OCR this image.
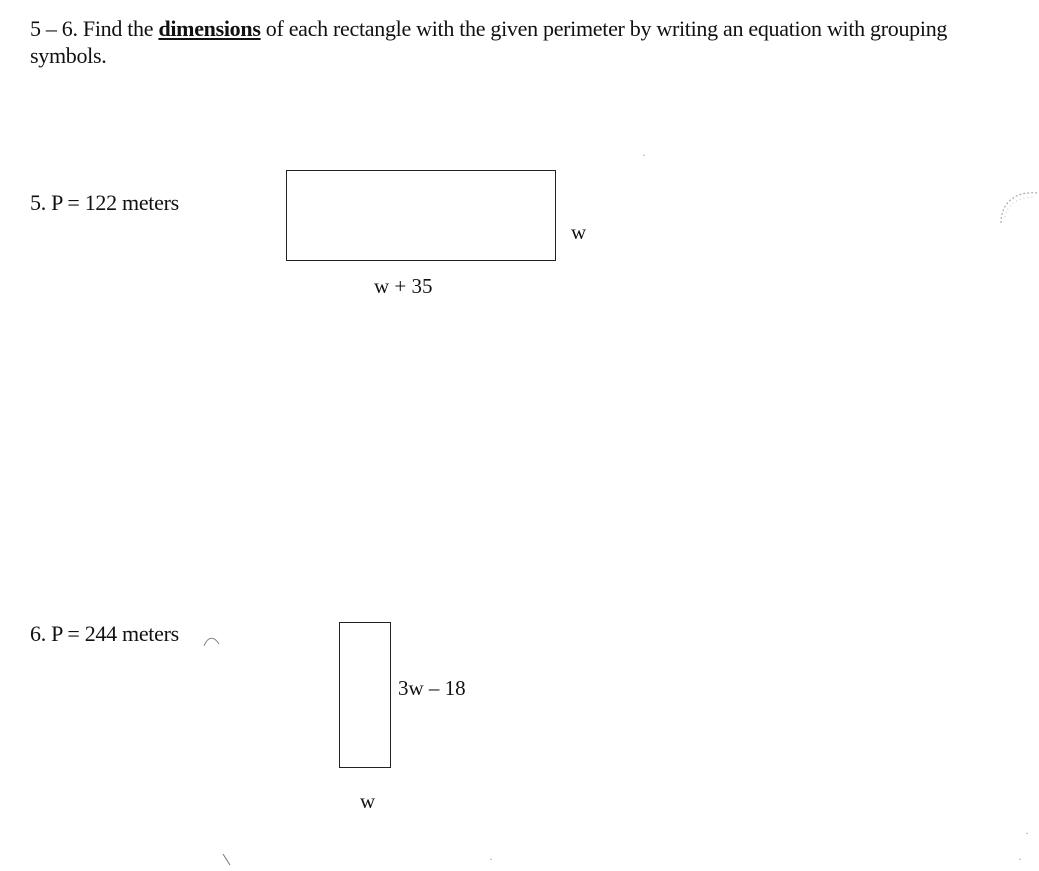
5 – 6. Find the dimensions of each rectangle with the given perimeter by writing an equation with grouping symbols.
5. P = 122 meters
w
w + 35
6. P = 244 meters
3w – 18
w
·
·
·
·
